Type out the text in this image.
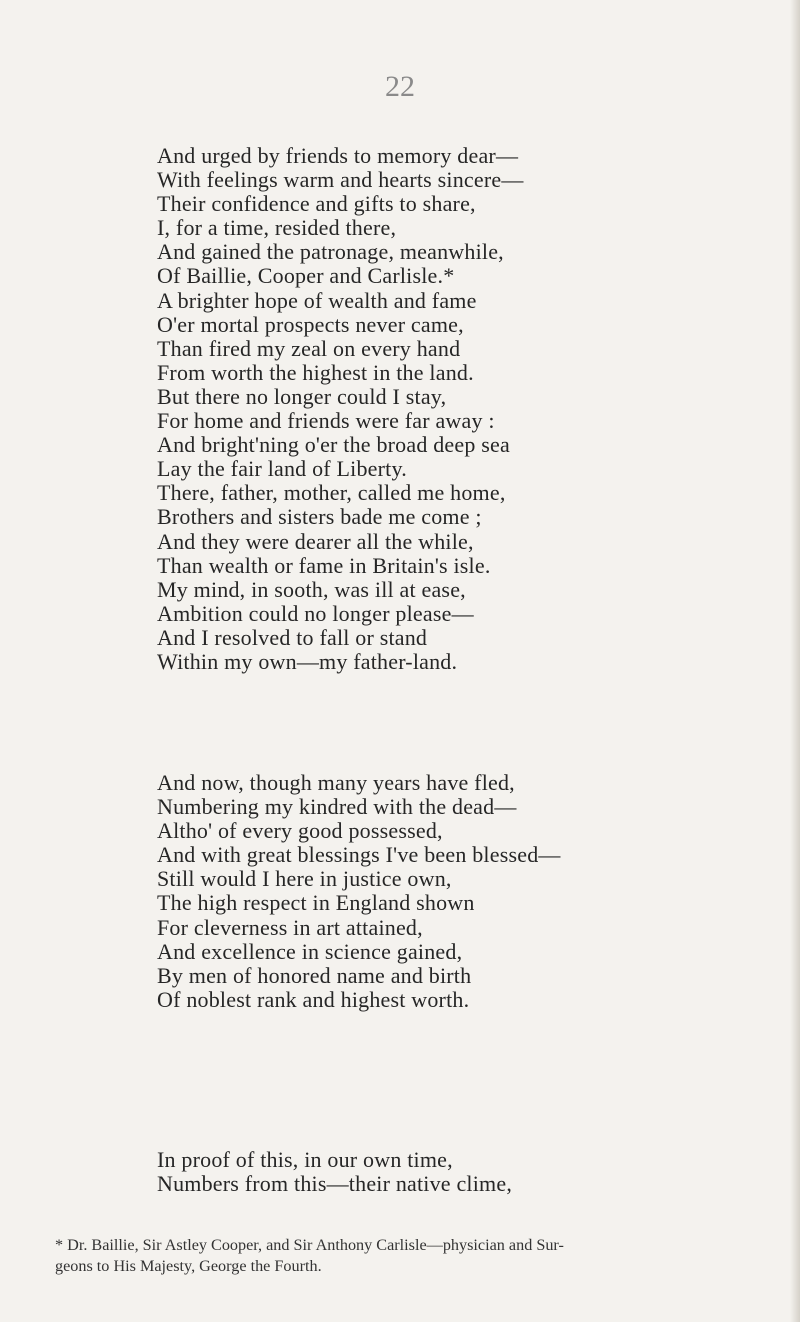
22
And urged by friends to memory dear—
With feelings warm and hearts sincere—
Their confidence and gifts to share,
I, for a time, resided there,
And gained the patronage, meanwhile,
Of Baillie, Cooper and Carlisle.*
A brighter hope of wealth and fame
O'er mortal prospects never came,
Than fired my zeal on every hand
From worth the highest in the land.
But there no longer could I stay,
For home and friends were far away :
And bright'ning o'er the broad deep sea
Lay the fair land of Liberty.
There, father, mother, called me home,
Brothers and sisters bade me come ;
And they were dearer all the while,
Than wealth or fame in Britain's isle.
My mind, in sooth, was ill at ease,
Ambition could no longer please—
And I resolved to fall or stand
Within my own—my father-land.
And now, though many years have fled,
Numbering my kindred with the dead—
Altho' of every good possessed,
And with great blessings I've been blessed—
Still would I here in justice own,
The high respect in England shown
For cleverness in art attained,
And excellence in science gained,
By men of honored name and birth
Of noblest rank and highest worth.
In proof of this, in our own time,
Numbers from this—their native clime,
* Dr. Baillie, Sir Astley Cooper, and Sir Anthony Carlisle—physician and Sur-
geons to His Majesty, George the Fourth.
